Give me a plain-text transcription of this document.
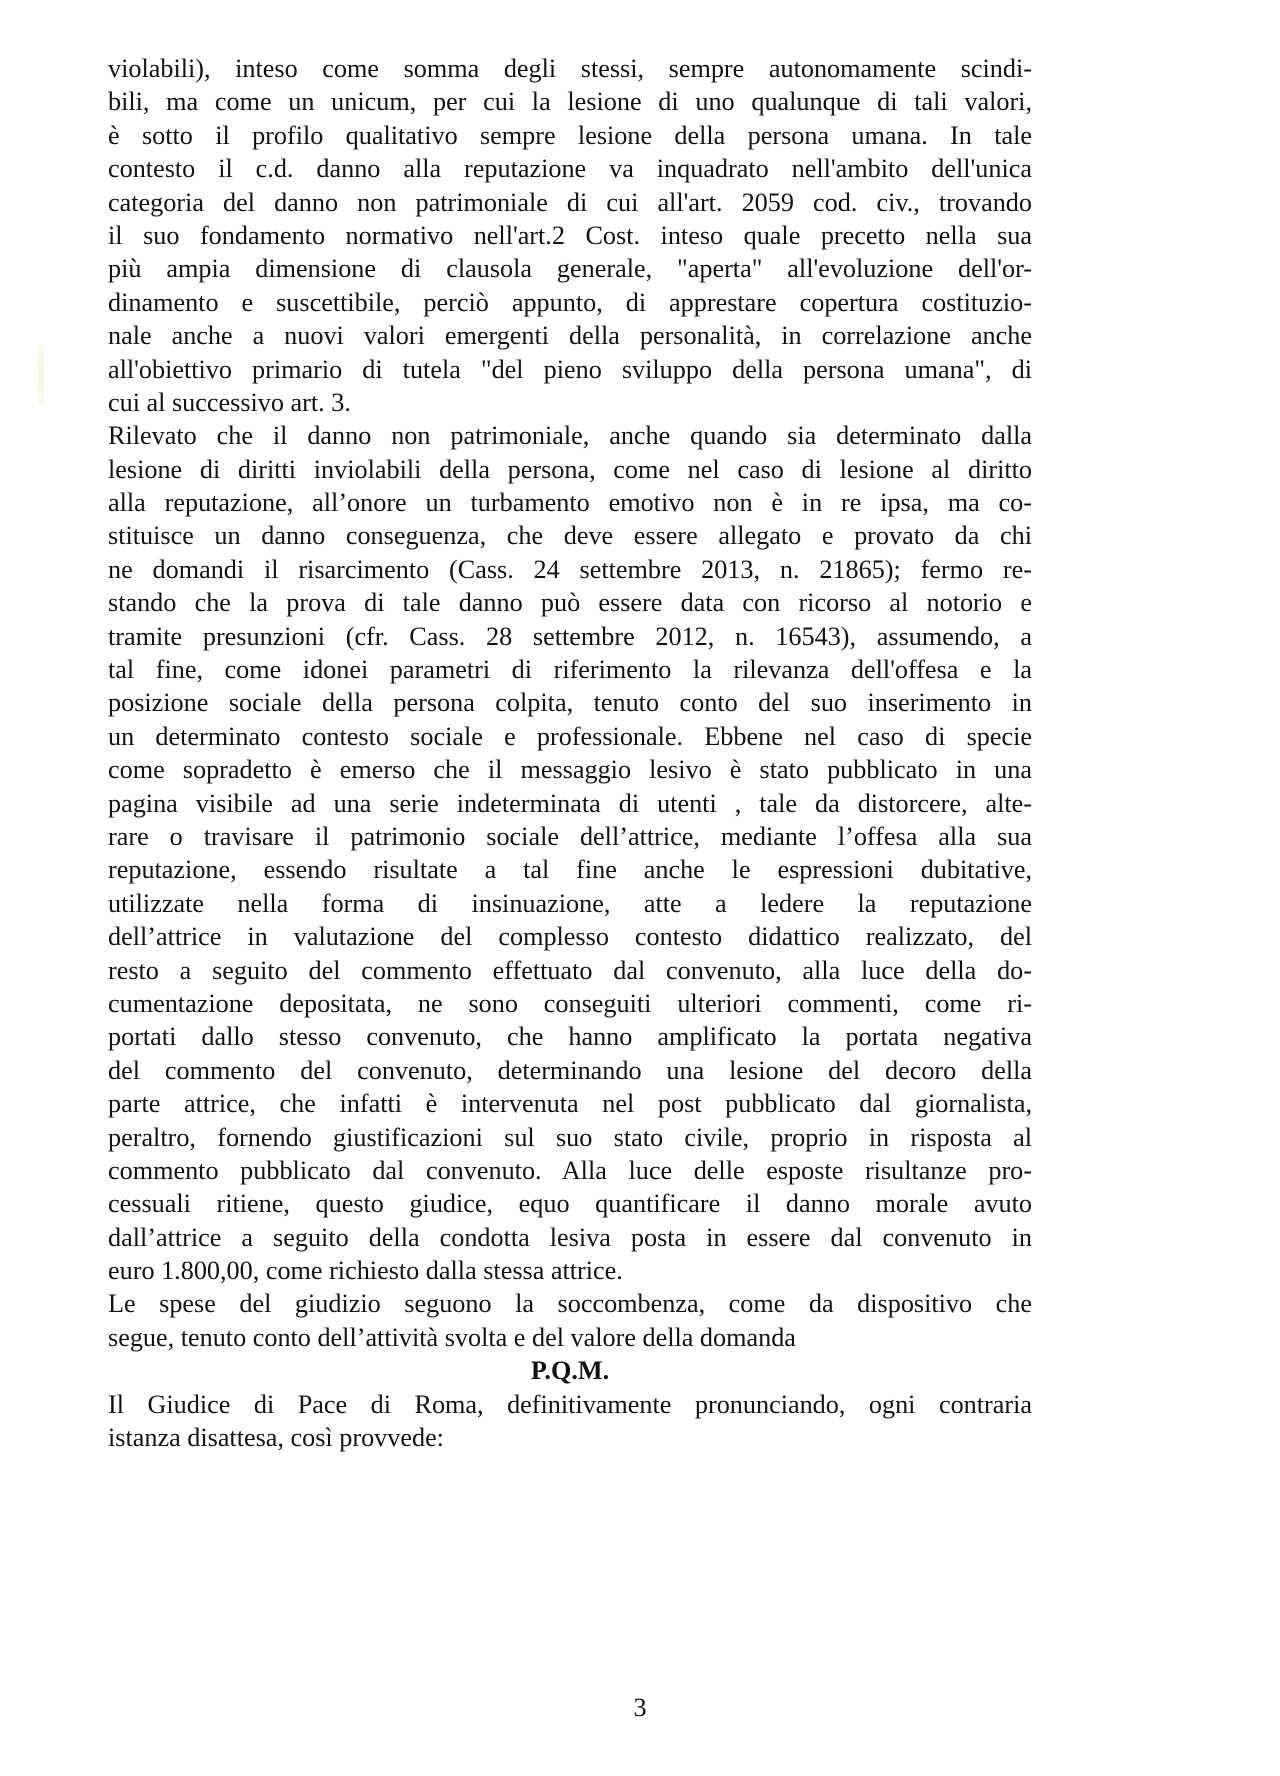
violabili), inteso come somma degli stessi, sempre autonomamente scindi-
bili, ma come un unicum, per cui la lesione di uno qualunque di tali valori,
è sotto il profilo qualitativo sempre lesione della persona umana. In tale
contesto il c.d. danno alla reputazione va inquadrato nell'ambito dell'unica
categoria del danno non patrimoniale di cui all'art. 2059 cod. civ., trovando
il suo fondamento normativo nell'art.2 Cost. inteso quale precetto nella sua
più ampia dimensione di clausola generale, "aperta" all'evoluzione dell'or-
dinamento e suscettibile, perciò appunto, di apprestare copertura costituzio-
nale anche a nuovi valori emergenti della personalità, in correlazione anche
all'obiettivo primario di tutela "del pieno sviluppo della persona umana", di
cui al successivo art. 3.
Rilevato che il danno non patrimoniale, anche quando sia determinato dalla
lesione di diritti inviolabili della persona, come nel caso di lesione al diritto
alla reputazione, all’onore un turbamento emotivo non è in re ipsa, ma co-
stituisce un danno conseguenza, che deve essere allegato e provato da chi
ne domandi il risarcimento (Cass. 24 settembre 2013, n. 21865); fermo re-
stando che la prova di tale danno può essere data con ricorso al notorio e
tramite presunzioni (cfr. Cass. 28 settembre 2012, n. 16543), assumendo, a
tal fine, come idonei parametri di riferimento la rilevanza dell'offesa e la
posizione sociale della persona colpita, tenuto conto del suo inserimento in
un determinato contesto sociale e professionale. Ebbene nel caso di specie
come sopradetto è emerso che il messaggio lesivo è stato pubblicato in una
pagina visibile ad una serie indeterminata di utenti , tale da distorcere, alte-
rare o travisare il patrimonio sociale dell’attrice, mediante l’offesa alla sua
reputazione, essendo risultate a tal fine anche le espressioni dubitative,
utilizzate nella forma di insinuazione, atte a ledere la reputazione
dell’attrice in valutazione del complesso contesto didattico realizzato, del
resto a seguito del commento effettuato dal convenuto, alla luce della do-
cumentazione depositata, ne sono conseguiti ulteriori commenti, come ri-
portati dallo stesso convenuto, che hanno amplificato la portata negativa
del commento del convenuto, determinando una lesione del decoro della
parte attrice, che infatti è intervenuta nel post pubblicato dal giornalista,
peraltro, fornendo giustificazioni sul suo stato civile, proprio in risposta al
commento pubblicato dal convenuto. Alla luce delle esposte risultanze pro-
cessuali ritiene, questo giudice, equo quantificare il danno morale avuto
dall’attrice a seguito della condotta lesiva posta in essere dal convenuto in
euro 1.800,00, come richiesto dalla stessa attrice.
Le spese del giudizio seguono la soccombenza, come da dispositivo che
segue, tenuto conto dell’attività svolta e del valore della domanda
P.Q.M.
Il Giudice di Pace di Roma, definitivamente pronunciando, ogni contraria
istanza disattesa, così provvede:
3
